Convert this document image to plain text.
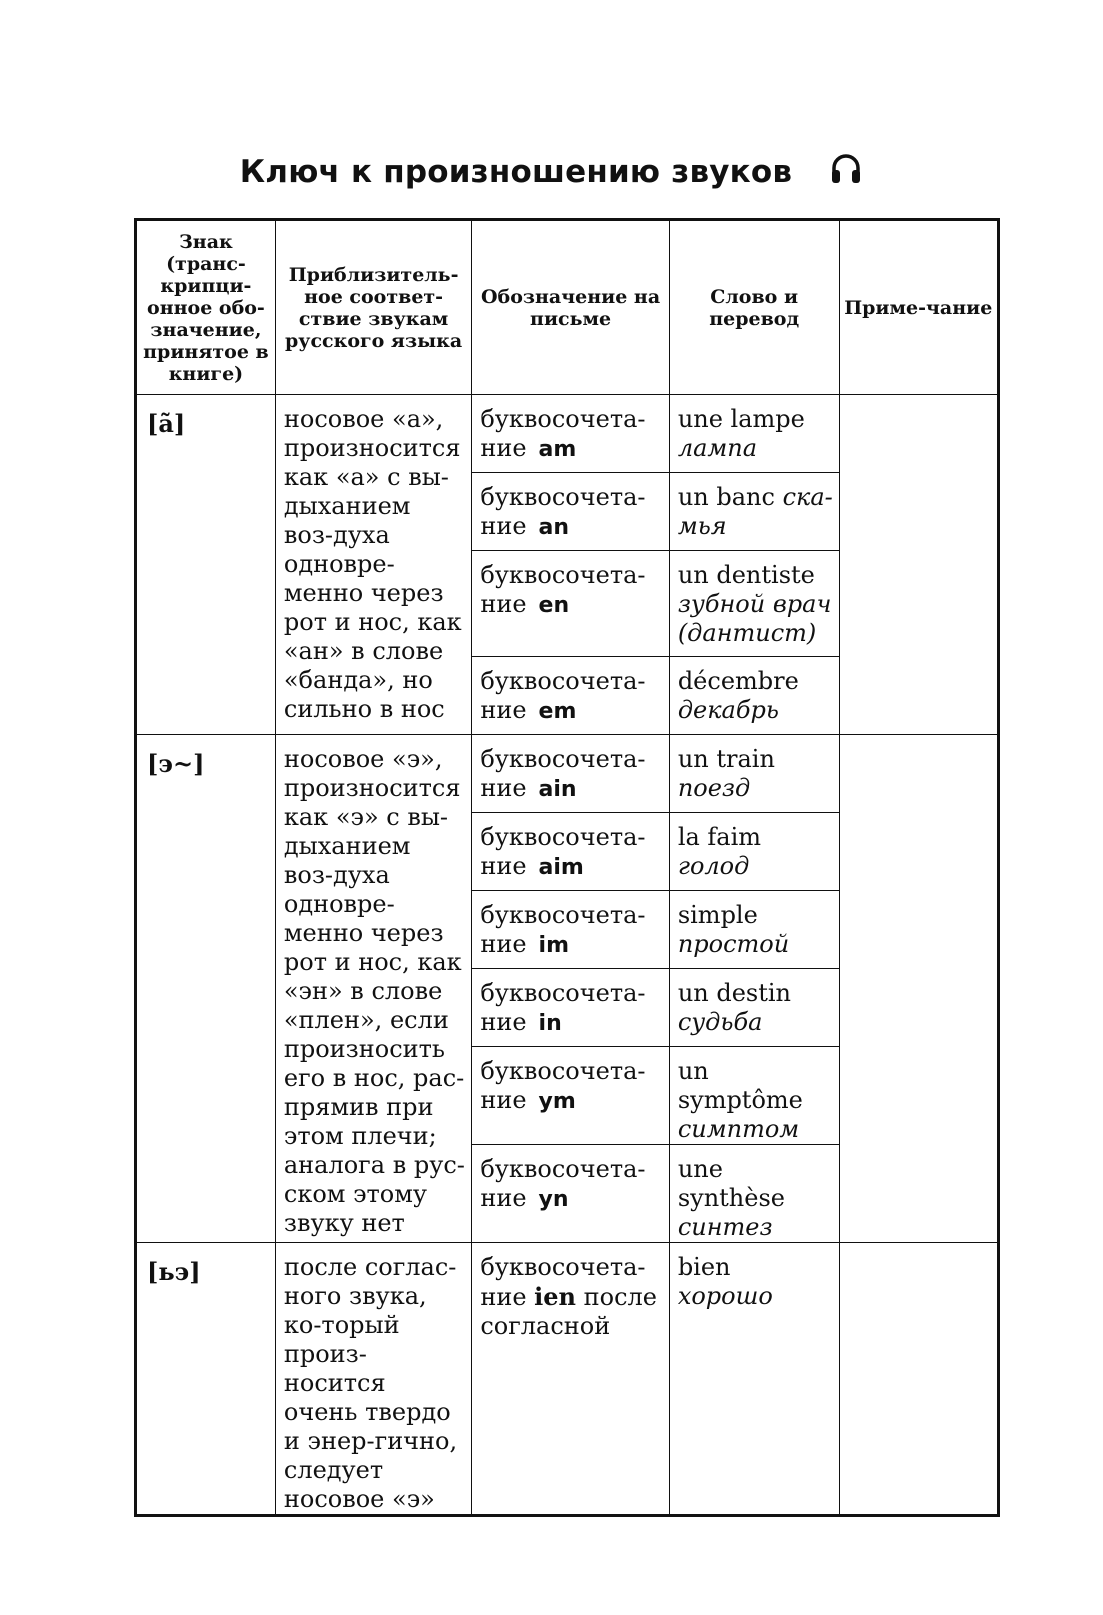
Ключ к произношению звуков
Знак (транс-крипци-онное обо-значение, принятое в книге)	Приблизитель-ное соответ-ствие звукам русского языка	Обозначение на письме	Слово и перевод	Приме-чание
[ã]	носовое «а», произносится как «а» с вы-дыханием воз-духа одновре-менно через рот и нос, как «ан» в слове «банда», но сильно в нос	буквосочета-ние am	une lampe
лампа	

		буквосочета-ние an	un banc ска-мья	
		буквосочета-ние en	un dentiste
зубной врач (дантист)	

		буквосочета-ние em	décembre
декабрь	

[э~]	носовое «э», произносится как «э» с вы-дыханием воз-духа одновре-менно через рот и нос, как «эн» в слове «плен», если произносить его в нос, рас-прямив при этом плечи; аналога в рус-ском этому звуку нет	буквосочета-ние ain	un train
поезд	

		буквосочета-ние aim	la faim
голод	

		буквосочета-ние im	simple
простой	

		буквосочета-ние in	un destin
судьба	

		буквосочета-ние ym	un symptôme
симптом	

		буквосочета-ние yn	une synthèse
синтез	

[ьэ]	после соглас-ного звука, ко-торый произ-носится очень твердо и энер-гично, следует носовое «э»	буквосочета-ние ien после согласной	bien
хорошо	
